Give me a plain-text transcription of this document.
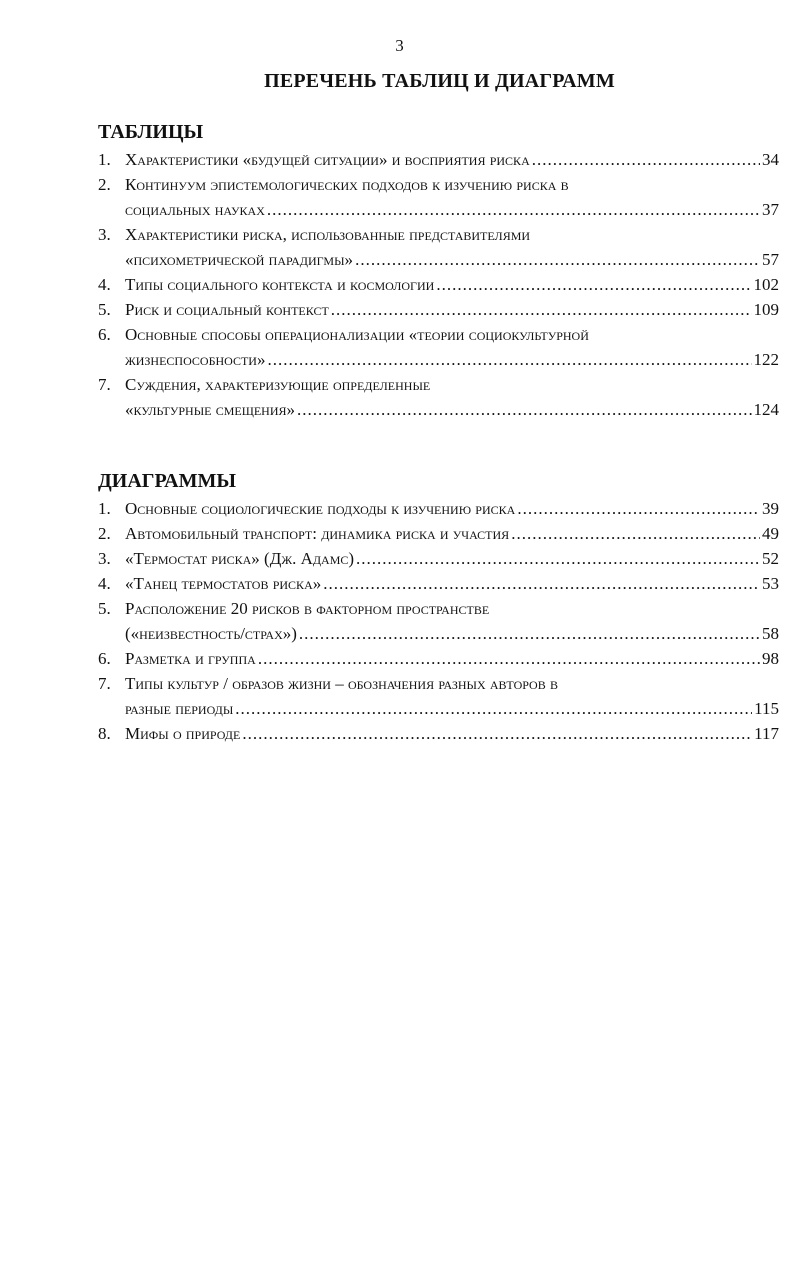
3
ПЕРЕЧЕНЬ ТАБЛИЦ И ДИАГРАММ
ТАБЛИЦЫ
1. Характеристики «будущей ситуации» и восприятия риска .....	34
2. Континуум эпистемологических подходов к изучению риска в
социальных науках .....	37
3. Характеристики риска, использованные представителями
«психометрической парадигмы» .....	57
4. Типы социального контекста и космологии .....	102
5. Риск и социальный контекст .....	109
6. Основные способы операционализации «теории социокультурной
жизнеспособности» .....	122
7. Суждения, характеризующие определенные
«культурные смещения» .....	124
ДИАГРАММЫ
1. Основные социологические подходы к изучению риска .....	39
2. Автомобильный транспорт: динамика риска и участия .....	49
3. «Термостат риска» (Дж. Адамс) .....	52
4. «Танец термостатов риска» .....	53
5. Расположение 20 рисков в факторном пространстве
(«неизвестность/страх») .....	58
6. Разметка и группа .....	98
7. Типы культур / образов жизни – обозначения разных авторов в
разные периоды .....	115
8. Мифы о природе .....	117
